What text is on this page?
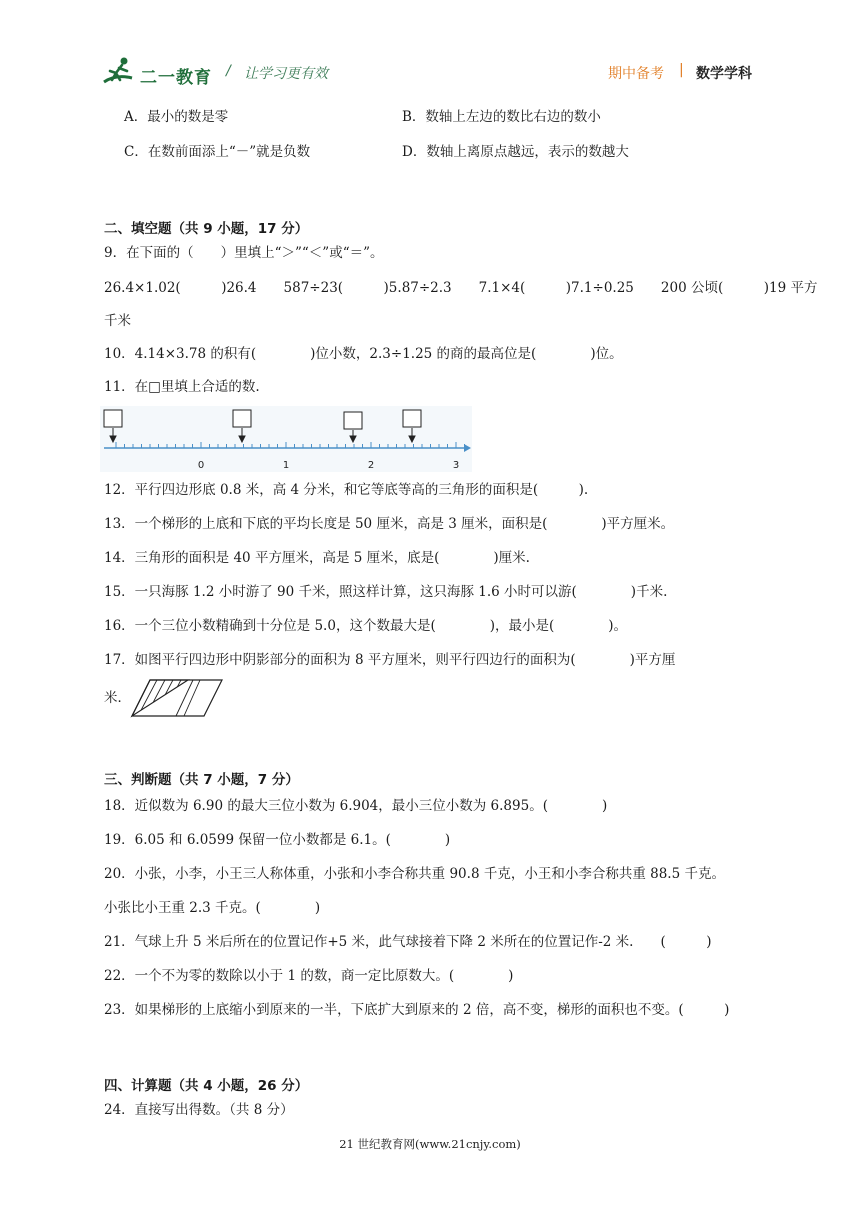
二一教育 / 让学习更有效	期中备考 | 数学学科
A．最小的数是零	B．数轴上左边的数比右边的数小
C．在数前面添上“－”就是负数	D．数轴上离原点越远，表示的数越大
二、填空题（共 9 小题，17 分）
9．在下面的（　　）里填上“＞”“＜”或“＝”。
26.4×1.02(　　　)26.4　　587÷23(　　　)5.87÷2.3　　7.1×4(　　　)7.1÷0.25　　200 公顷(　　　)19 平方
千米
10．4.14×3.78 的积有(　　　　)位小数，2.3÷1.25 的商的最高位是(　　　　)位。
11．在□里填上合适的数.
0	1	2	3
12．平行四边形底 0.8 米，高 4 分米，和它等底等高的三角形的面积是(　　　).
13．一个梯形的上底和下底的平均长度是 50 厘米，高是 3 厘米，面积是(　　　　)平方厘米。
14．三角形的面积是 40 平方厘米，高是 5 厘米，底是(　　　　)厘米.
15．一只海豚 1.2 小时游了 90 千米，照这样计算，这只海豚 1.6 小时可以游(　　　　)千米.
16．一个三位小数精确到十分位是 5.0，这个数最大是(　　　　)，最小是(　　　　)。
17．如图平行四边形中阴影部分的面积为 8 平方厘米，则平行四边行的面积为(　　　　)平方厘
米．
三、判断题（共 7 小题，7 分）
18．近似数为 6.90 的最大三位小数为 6.904，最小三位小数为 6.895。(　　　　)
19．6.05 和 6.0599 保留一位小数都是 6.1。(　　　　)
20．小张，小李，小王三人称体重，小张和小李合称共重 90.8 千克，小王和小李合称共重 88.5 千克。
小张比小王重 2.3 千克。(　　　　)
21．气球上升 5 米后所在的位置记作+5 米，此气球接着下降 2 米所在的位置记作-2 米.　　(　　　)
22．一个不为零的数除以小于 1 的数，商一定比原数大。(　　　　)
23．如果梯形的上底缩小到原来的一半，下底扩大到原来的 2 倍，高不变，梯形的面积也不变。(　　　)
四、计算题（共 4 小题，26 分）
24．直接写出得数。（共 8 分）
21 世纪教育网(www.21cnjy.com)
